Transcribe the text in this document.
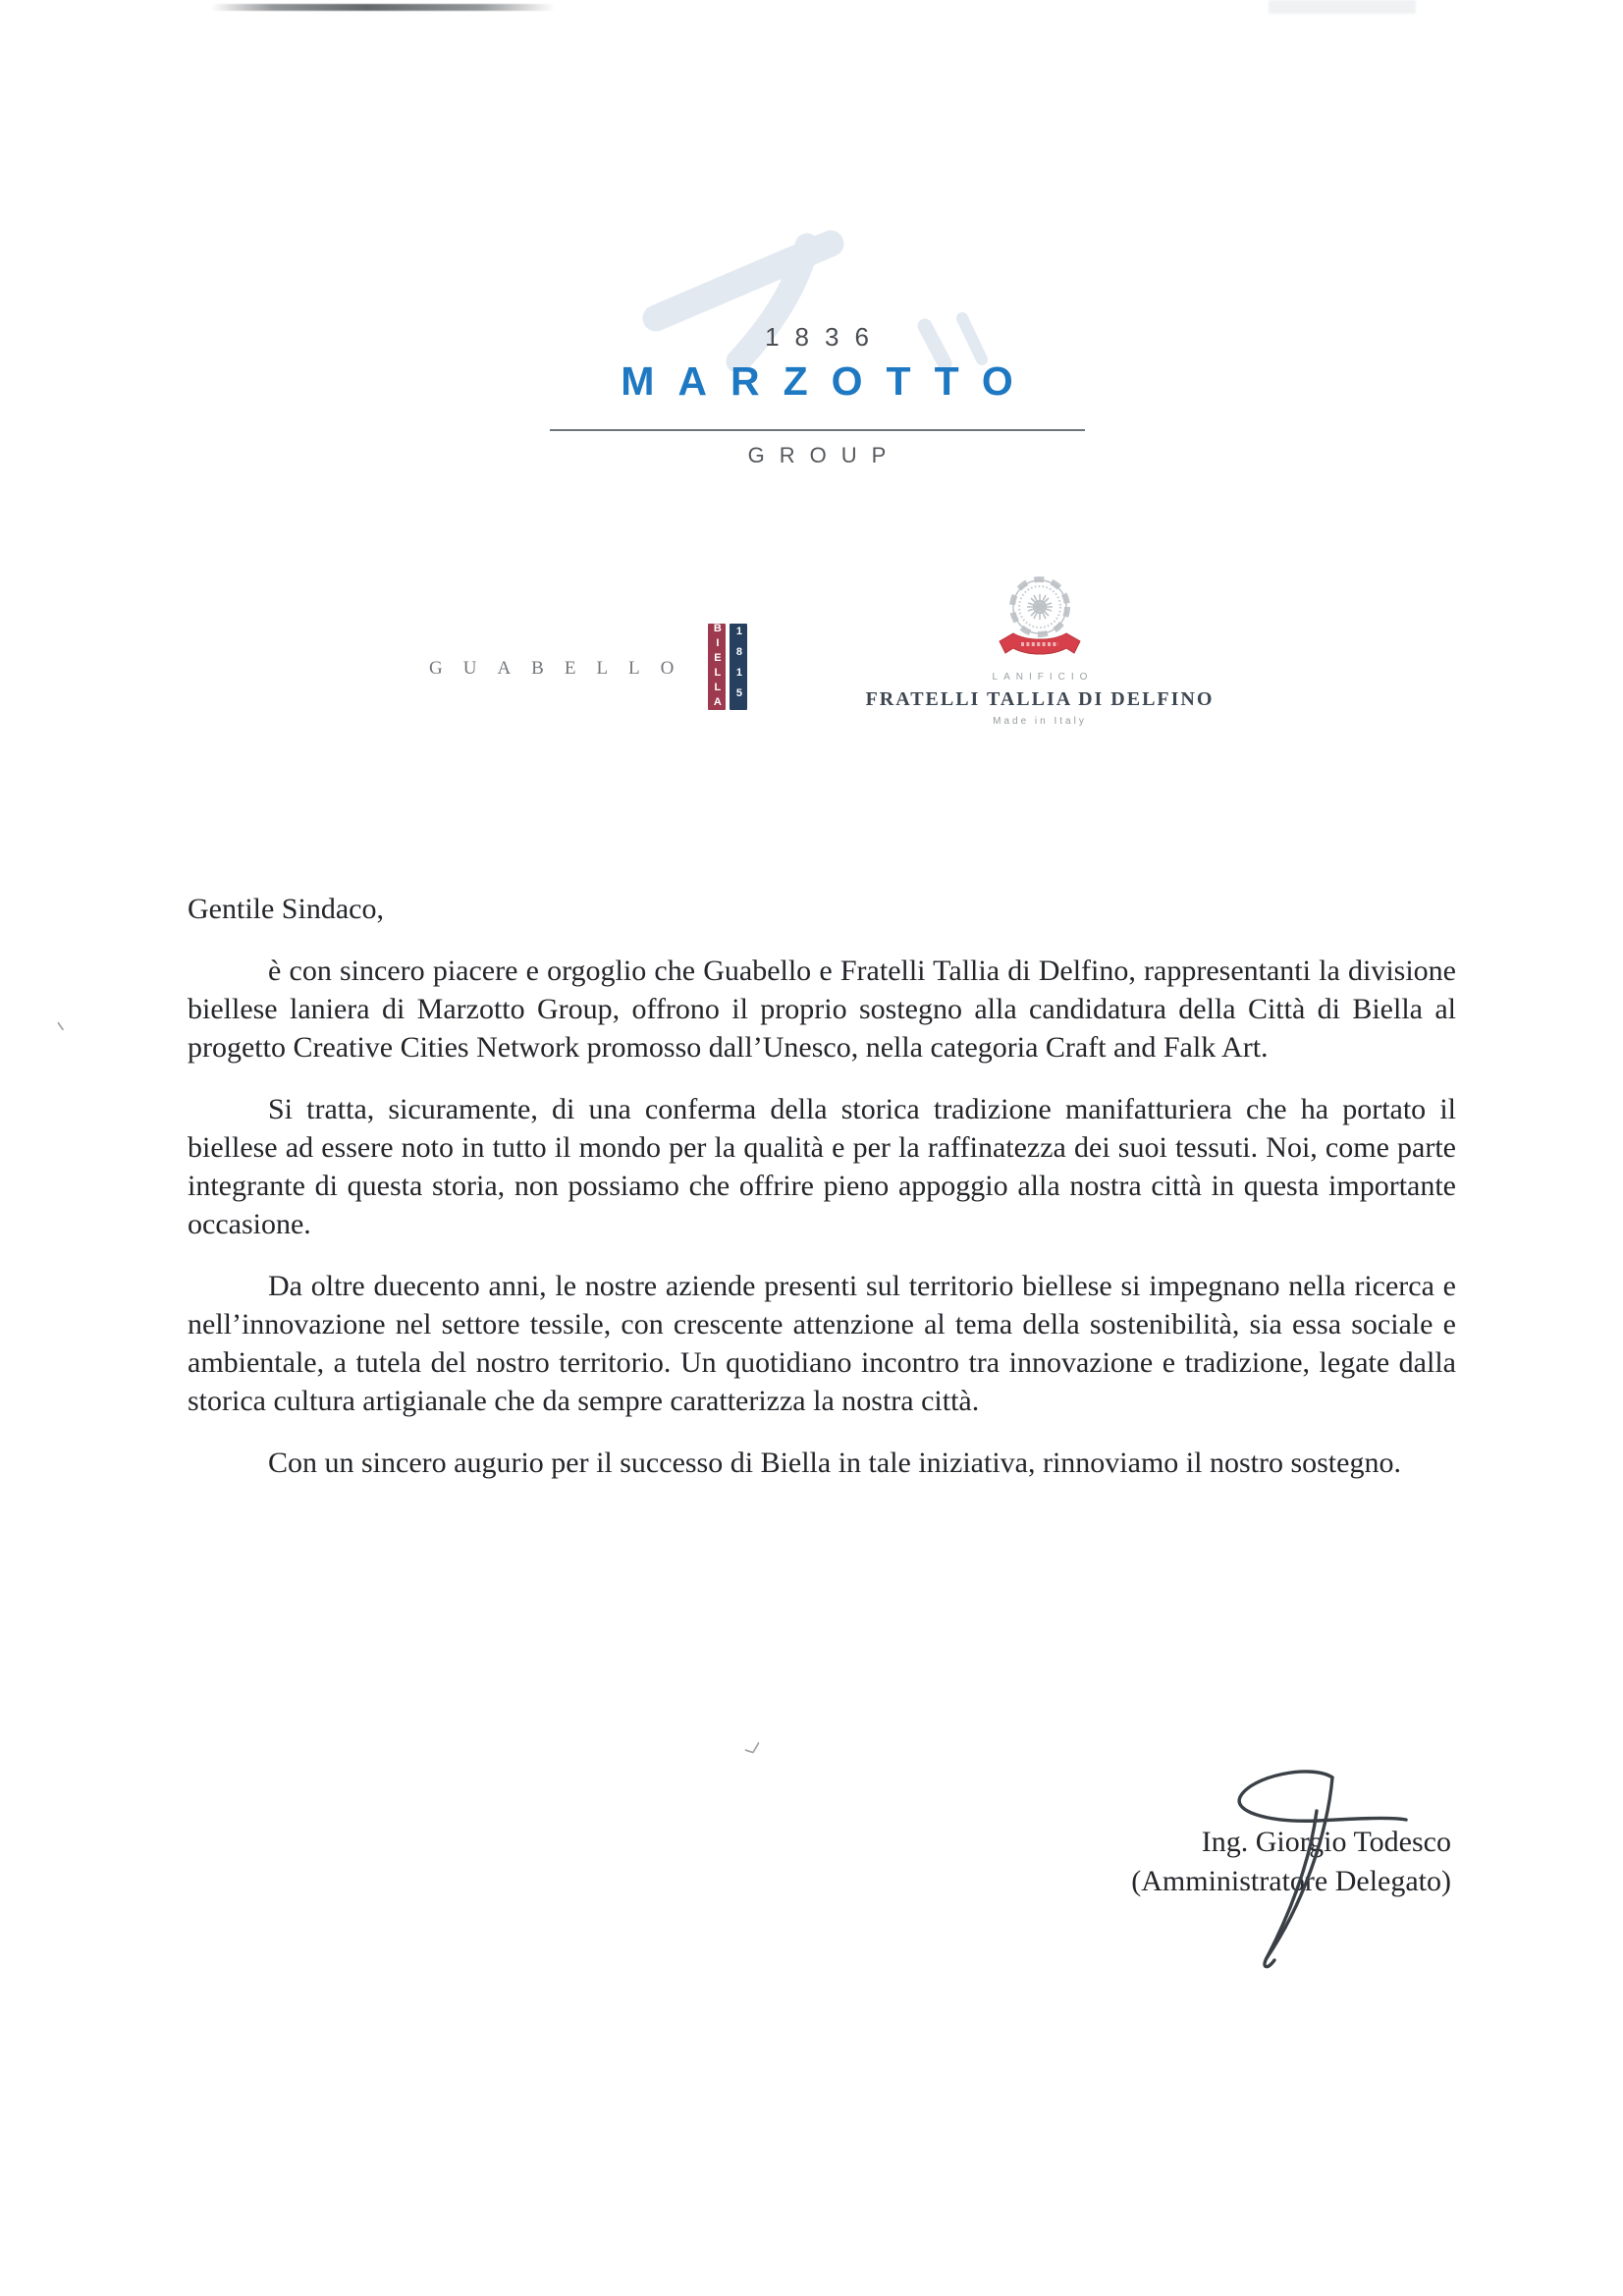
1836
MARZOTTO
GROUP
GUABELLO BIELLA 1815	LANIFICIO
FRATELLI TALLIA DI DELFINO
Made in Italy

Gentile Sindaco,

è con sincero piacere e orgoglio che Guabello e Fratelli Tallia di Delfino, rappresentanti la divisione biellese laniera di Marzotto Group, offrono il proprio sostegno alla candidatura della Città di Biella al progetto Creative Cities Network promosso dall’Unesco, nella categoria Craft and Falk Art.

Si tratta, sicuramente, di una conferma della storica tradizione manifatturiera che ha portato il biellese ad essere noto in tutto il mondo per la qualità e per la raffinatezza dei suoi tessuti. Noi, come parte integrante di questa storia, non possiamo che offrire pieno appoggio alla nostra città in questa importante occasione.

Da oltre duecento anni, le nostre aziende presenti sul territorio biellese si impegnano nella ricerca e nell’innovazione nel settore tessile, con crescente attenzione al tema della sostenibilità, sia essa sociale e ambientale, a tutela del nostro territorio. Un quotidiano incontro tra innovazione e tradizione, legate dalla storica cultura artigianale che da sempre caratterizza la nostra città.

Con un sincero augurio per il successo di Biella in tale iniziativa, rinnoviamo il nostro sostegno.

Ing. Giorgio Todesco
(Amministratore Delegato)
